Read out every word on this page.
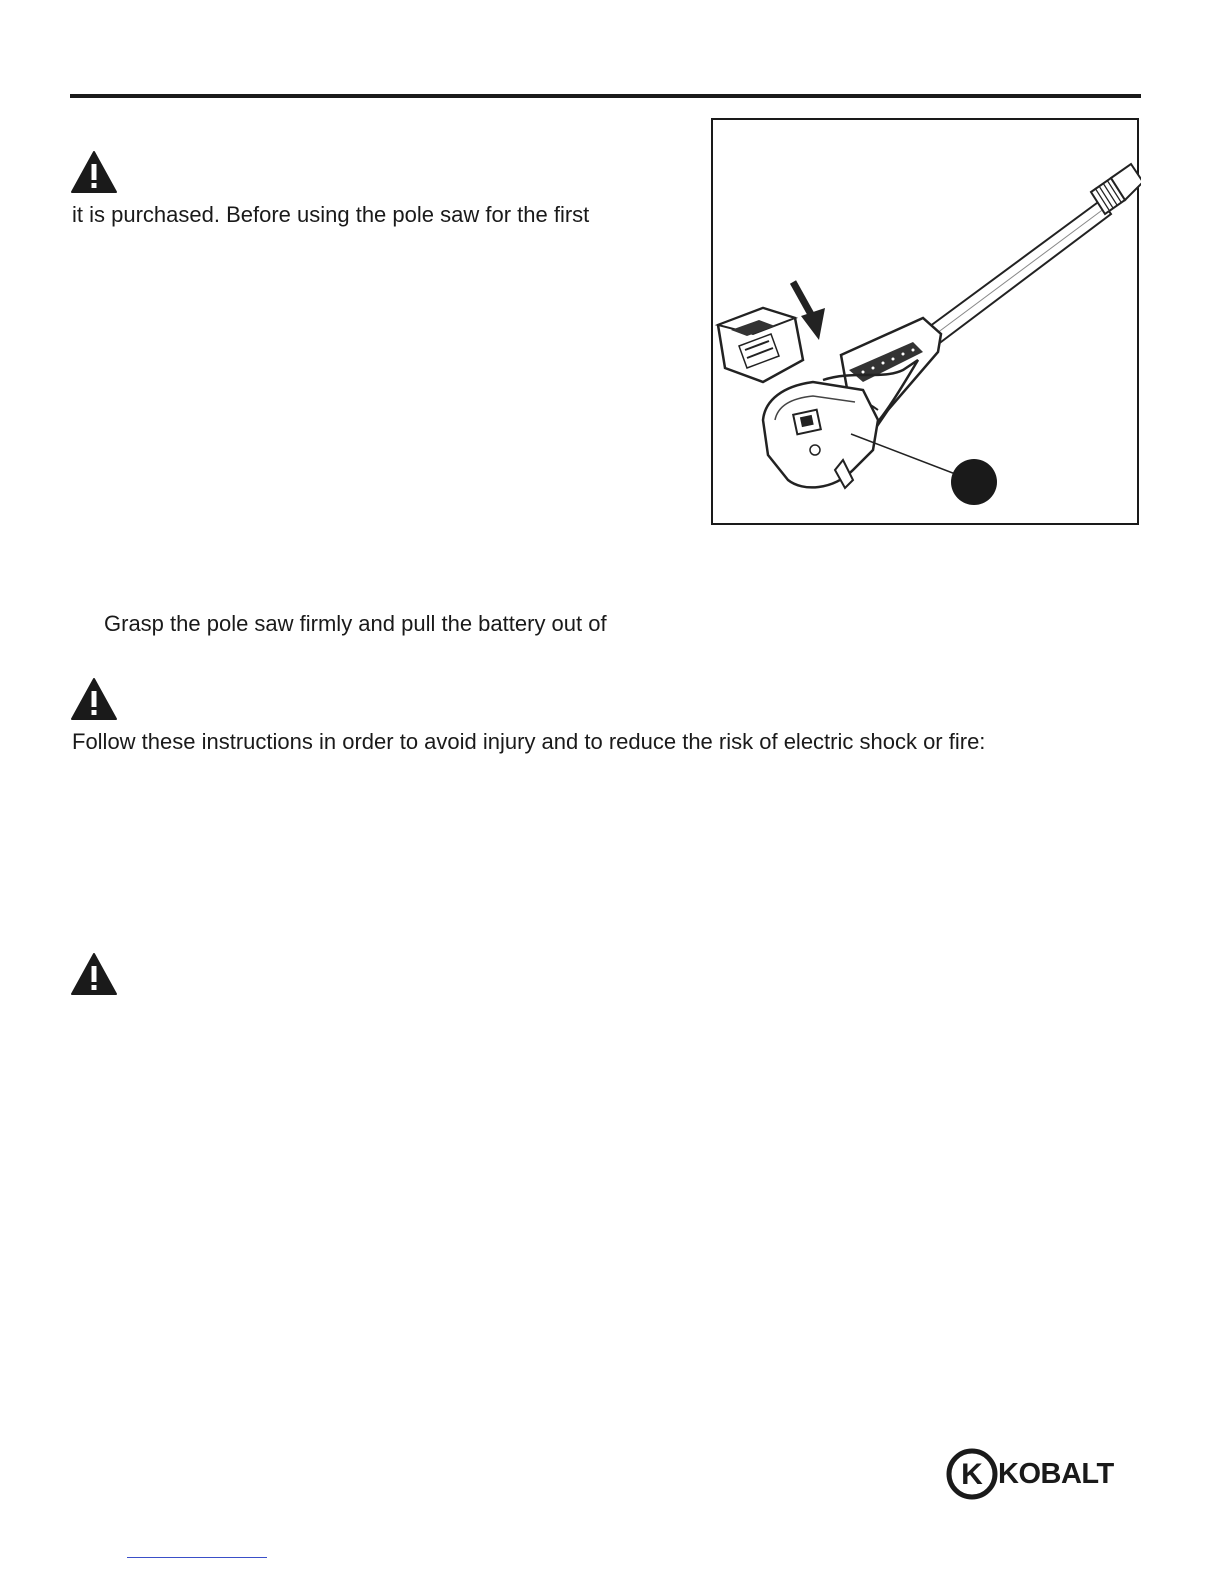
it is purchased. Before using the pole saw for the first
Grasp the pole saw firmly and pull the battery out of
Follow these instructions in order to avoid injury and to reduce the risk of electric shock or fire:
K KOBALT
